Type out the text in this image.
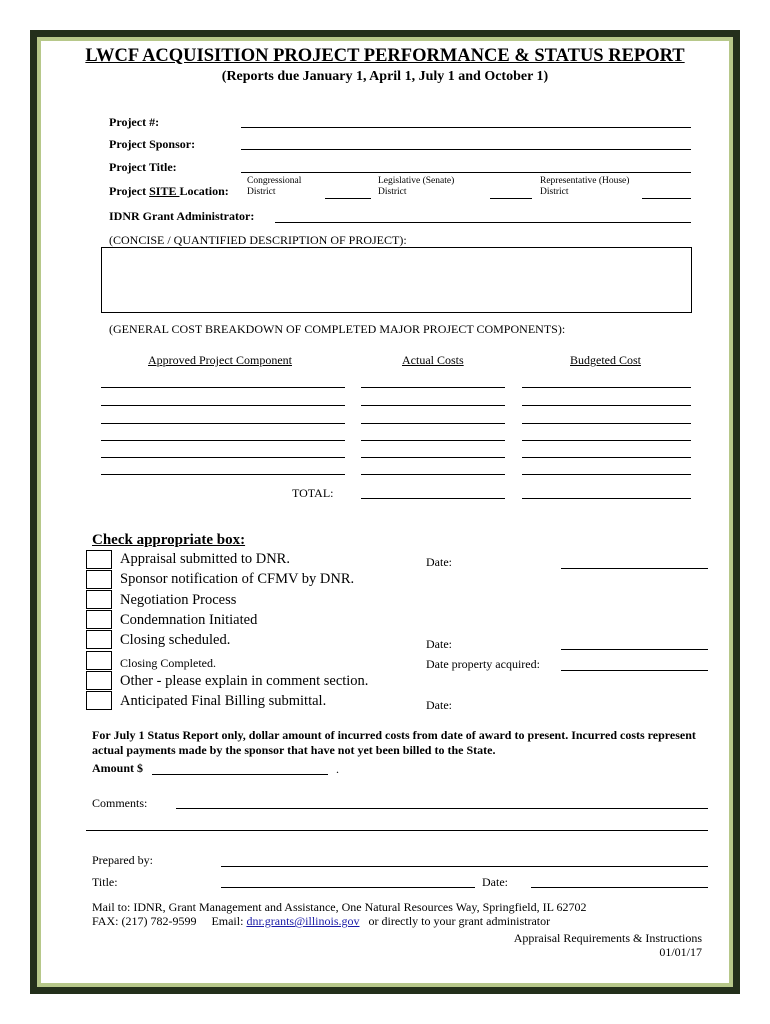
LWCF ACQUISITION PROJECT PERFORMANCE & STATUS REPORT
(Reports due January 1, April 1, July 1 and October 1)
Project #:
Project Sponsor:
Project Title:
Project SITE Location:
Congressional
District
Legislative (Senate)
District
Representative (House)
District
IDNR Grant Administrator:
(CONCISE / QUANTIFIED DESCRIPTION OF PROJECT):
(GENERAL COST BREAKDOWN OF COMPLETED MAJOR PROJECT COMPONENTS):
Approved Project Component	Actual Costs	Budgeted Cost
TOTAL:
Check appropriate box:
Appraisal submitted to DNR.
Sponsor notification of CFMV by DNR.
Negotiation Process
Condemnation Initiated
Closing scheduled.
Closing Completed.
Other - please explain in comment section.
Anticipated Final Billing submittal.
Date:
Date:
Date property acquired:
Date:
For July 1 Status Report only, dollar amount of incurred costs from date of award to present. Incurred costs represent actual payments made by the sponsor that have not yet been billed to the State.
Amount $	.
Comments:
Prepared by:
Title:	Date:
Mail to: IDNR, Grant Management and Assistance, One Natural Resources Way, Springfield, IL 62702
FAX: (217) 782-9599 Email: dnr.grants@illinois.gov or directly to your grant administrator
Appraisal Requirements & Instructions
01/01/17
